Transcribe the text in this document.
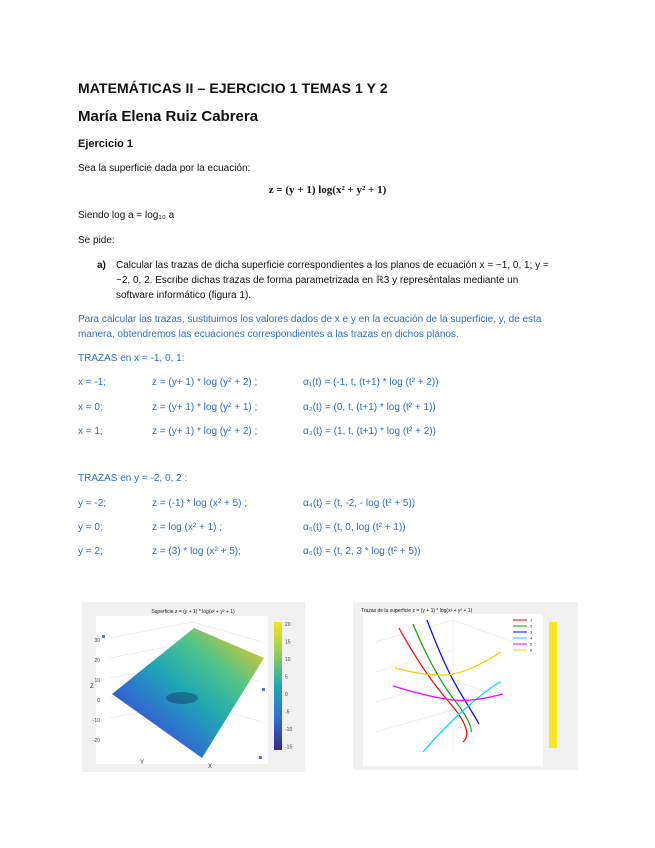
MATEMÁTICAS II – EJERCICIO 1 TEMAS 1 Y 2
María Elena Ruiz Cabrera
Ejercicio 1
Sea la superficie dada por la ecuación:
z = (y + 1) log(x² + y² + 1)
Siendo log a = log₁₀ a
Se pide:
a) Calcular las trazas de dicha superficie correspondientes a los planos de ecuación x = −1, 0, 1; y =
−2, 0, 2. Escribe dichas trazas de forma parametrizada en ℝ3 y represéntalas mediante un
software informático (figura 1).
Para calcular las trazas, sustituimos los valores dados de x e y en la ecuación de la superficie, y, de esta
manera, obtendremos las ecuaciones correspondientes a las trazas en dichos planos.
TRAZAS en x = -1, 0, 1:
x = -1;	z = (y+ 1) * log (y² + 2) ;	α₁(t) = (-1, t, (t+1) * log (t² + 2))
x = 0;	z = (y+ 1) * log (y² + 1) ;	α₂(t) = (0, t, (t+1) * log (t² + 1))
x = 1;	z = (y+ 1) * log (y² + 2) ;	α₃(t) = (1, t, (t+1) * log (t² + 2))
TRAZAS en y = -2, 0, 2 :
y = -2;	z = (-1) * log (x² + 5) ;	α₄(t) = (t, -2, - log (t² + 5))
y = 0;	z = log (x² + 1) ;	α₅(t) = (t, 0, log (t² + 1))
y = 2;	z = (3) * log (x² + 5);	α₆(t) = (t, 2, 3 * log (t² + 5))
Superficie z = (y + 1) * log(x² + y² + 1)
Z
X
Y
30
20
10
0
-10
-20
20
15
10
5
0
-5
-10
-15
Trazas de la superficie z = (y + 1) * log(x² + y² + 1)
1
2
3
4
5
6
